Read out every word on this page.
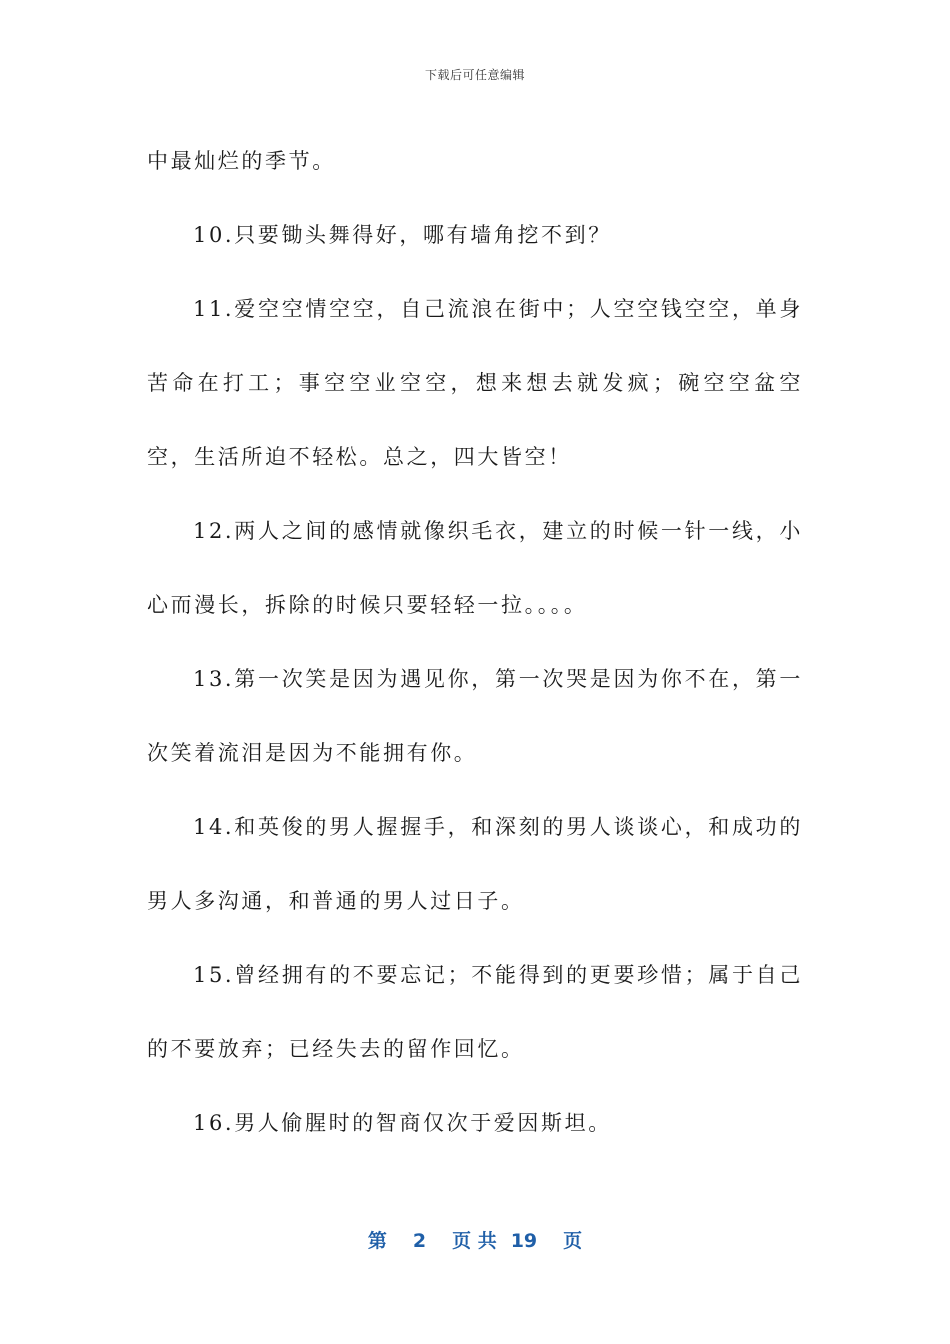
下载后可任意编辑

中最灿烂的季节。

10.只要锄头舞得好，哪有墙角挖不到？

11.爱空空情空空，自己流浪在街中；人空空钱空空，单身苦命在打工；事空空业空空，想来想去就发疯；碗空空盆空空，生活所迫不轻松。总之，四大皆空！

12.两人之间的感情就像织毛衣，建立的时候一针一线，小心而漫长，拆除的时候只要轻轻一拉。。。。

13.第一次笑是因为遇见你，第一次哭是因为你不在，第一次笑着流泪是因为不能拥有你。

14.和英俊的男人握握手，和深刻的男人谈谈心，和成功的男人多沟通，和普通的男人过日子。

15.曾经拥有的不要忘记；不能得到的更要珍惜；属于自己的不要放弃；已经失去的留作回忆。

16.男人偷腥时的智商仅次于爱因斯坦。

第 2 页 共 19 页
